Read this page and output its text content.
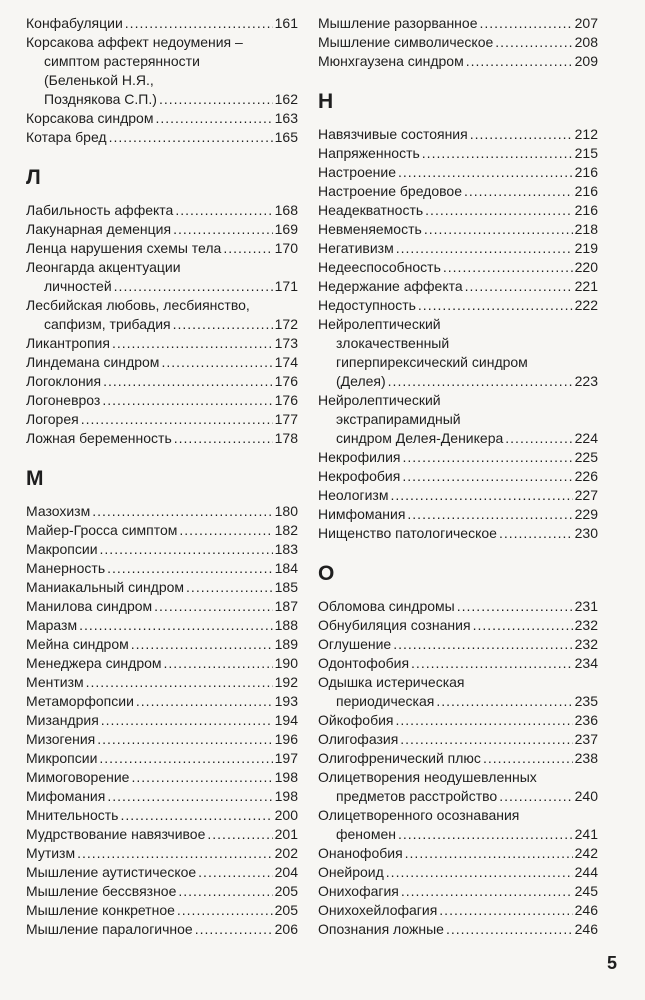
Конфабуляции .....	161
Корсакова аффект недоумения –
симптом растерянности
(Беленькой Н.Я.,
Позднякова С.П.) .....	162
Корсакова синдром .....	163
Котара бред .....	165
Л
Лабильность аффекта .....	168
Лакунарная деменция .....	169
Ленца нарушения схемы тела .....	170
Леонгарда акцентуации
личностей .....	171
Лесбийская любовь, лесбиянство,
сапфизм, трибадия .....	172
Ликантропия .....	173
Линдемана синдром .....	174
Логоклония .....	176
Логоневроз .....	176
Логорея .....	177
Ложная беременность .....	178
М
Мазохизм .....	180
Майер-Гросса симптом .....	182
Макропсии .....	183
Манерность .....	184
Маниакальный синдром .....	185
Манилова синдром .....	187
Маразм .....	188
Мейна синдром .....	189
Менеджера синдром .....	190
Ментизм .....	192
Метаморфопсии .....	193
Мизандрия .....	194
Мизогения .....	196
Микропсии .....	197
Мимоговорение .....	198
Мифомания .....	198
Мнительность .....	200
Мудрствование навязчивое .....	201
Мутизм .....	202
Мышление аутистическое .....	204
Мышление бессвязное .....	205
Мышление конкретное .....	205
Мышление паралогичное .....	206
Мышление разорванное .....	207
Мышление символическое .....	208
Мюнхгаузена синдром .....	209
Н
Навязчивые состояния .....	212
Напряженность .....	215
Настроение .....	216
Настроение бредовое .....	216
Неадекватность .....	216
Невменяемость .....	218
Негативизм .....	219
Недееспособность .....	220
Недержание аффекта .....	221
Недоступность .....	222
Нейролептический
злокачественный
гиперпирексический синдром
(Делея) .....	223
Нейролептический
экстрапирамидный
синдром Делея-Деникера .....	224
Некрофилия .....	225
Некрофобия .....	226
Неологизм .....	227
Нимфомания .....	229
Нищенство патологическое .....	230
О
Обломова синдромы .....	231
Обнубиляция сознания .....	232
Оглушение .....	232
Одонтофобия .....	234
Одышка истерическая
периодическая .....	235
Ойкофобия .....	236
Олигофазия .....	237
Олигофренический плюс .....	238
Олицетворения неодушевленных
предметов расстройство .....	240
Олицетворенного осознавания
феномен .....	241
Онанофобия .....	242
Онейроид .....	244
Онихофагия .....	245
Онихохейлофагия .....	246
Опознания ложные .....	246
5
